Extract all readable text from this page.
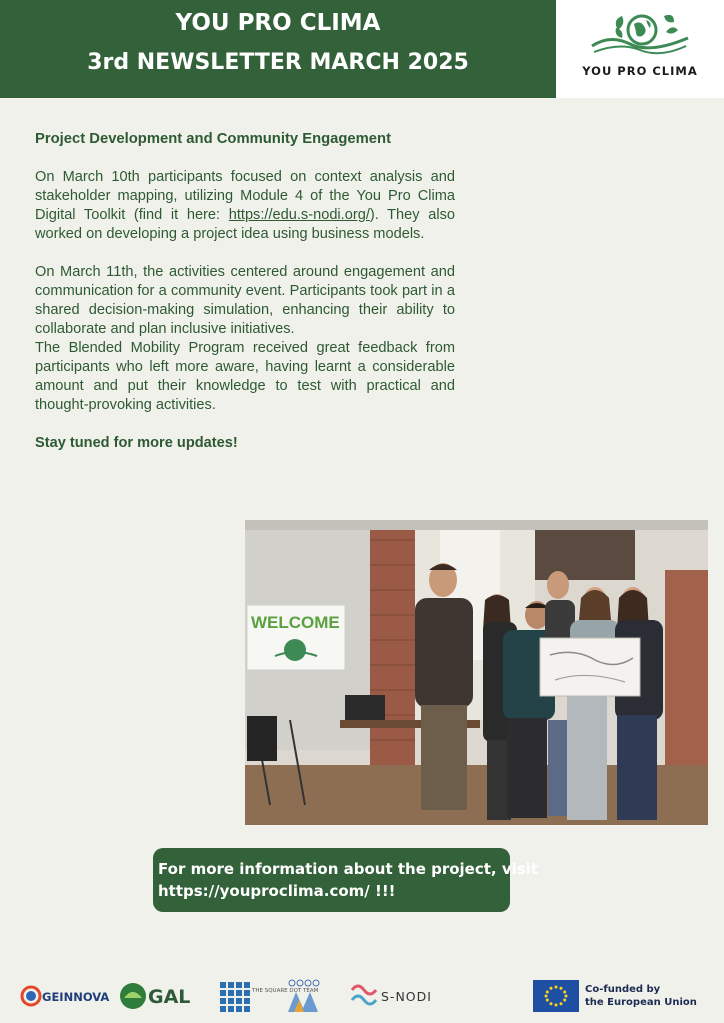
YOU PRO CLIMA
3rd NEWSLETTER MARCH 2025	YOU PRO CLIMA
Project Development and Community Engagement

On March 10th participants focused on context analysis and stakeholder mapping, utilizing Module 4 of the You Pro Clima Digital Toolkit (find it here: https://edu.s-nodi.org/). They also worked on developing a project idea using business models.

On March 11th, the activities centered around engagement and communication for a community event. Participants took part in a shared decision-making simulation, enhancing their ability to collaborate and plan inclusive initiatives.

The Blended Mobility Program received great feedback from participants who left more aware, having learnt a considerable amount and put their knowledge to test with practical and thought-provoking activities.

Stay tuned for more updates!

WELCOME
For more information about the project, visit
https://youproclima.com/ !!!
GEINNOVA GAL	THE SQUARE DOT TEAM	S-NODI	Co-funded by
the European Union
